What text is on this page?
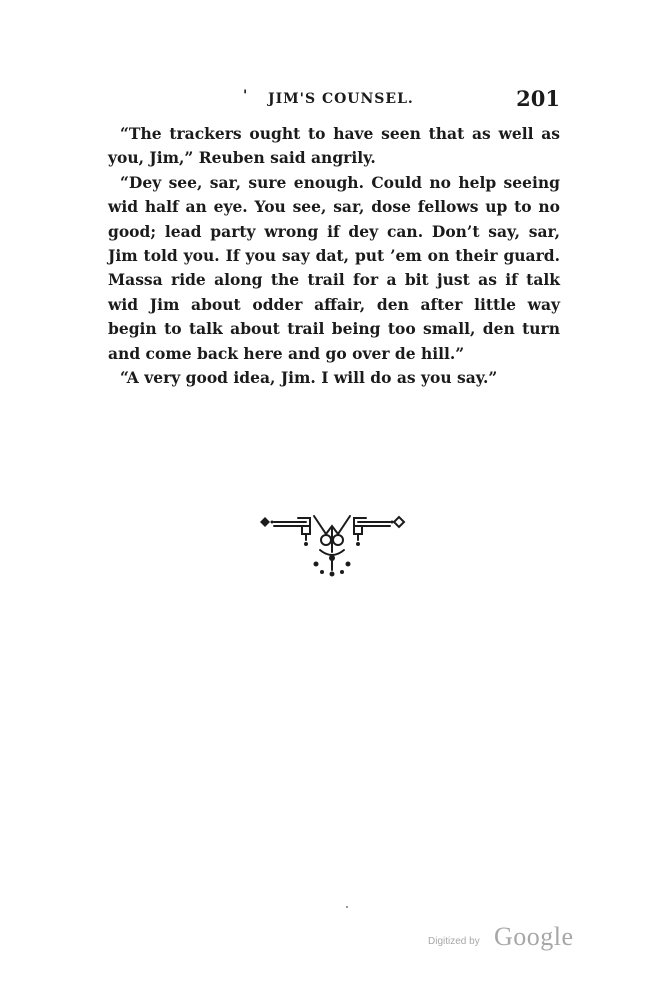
' JIM'S COUNSEL.	201

“The trackers ought to have seen that as well as you, Jim,” Reuben said angrily.

“Dey see, sar, sure enough. Could no help seeing wid half an eye. You see, sar, dose fellows up to no good; lead party wrong if dey can. Don’t say, sar, Jim told you. If you say dat, put ’em on their guard. Massa ride along the trail for a bit just as if talk wid Jim about odder affair, den after little way begin to talk about trail being too small, den turn and come back here and go over de hill.”

“A very good idea, Jim. I will do as you say.”

Digitized by Google
